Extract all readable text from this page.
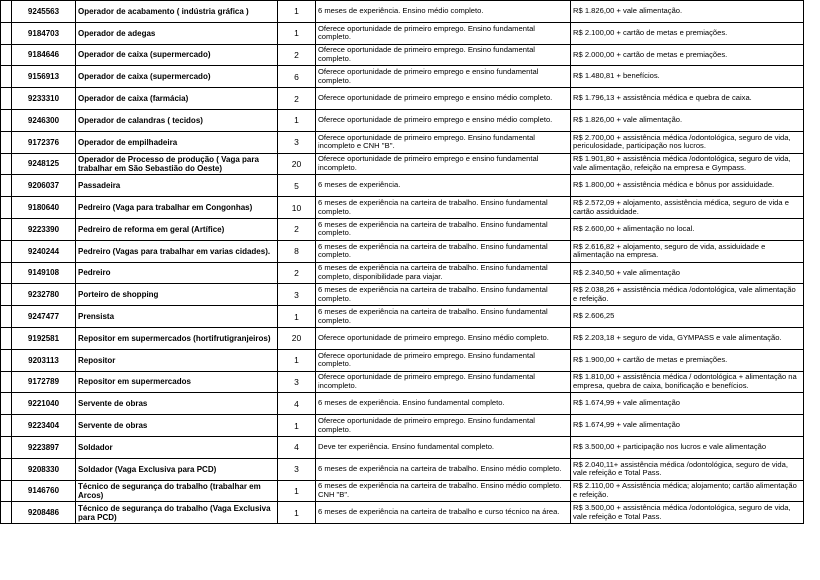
	9245563	Operador de acabamento ( indústria gráfica )	1	6 meses de experiência. Ensino médio completo.	R$ 1.826,00 + vale alimentação.
	9184703	Operador de adegas	1	Oferece oportunidade de primeiro emprego. Ensino fundamental completo.	R$ 2.100,00 + cartão de metas e premiações.
	9184646	Operador de caixa (supermercado)	2	Oferece oportunidade de primeiro emprego. Ensino fundamental completo.	R$ 2.000,00 + cartão de metas e premiações.
	9156913	Operador de caixa (supermercado)	6	Oferece oportunidade de primeiro emprego e ensino fundamental completo.	R$ 1.480,81 + benefícios.
	9233310	Operador de caixa (farmácia)	2	Oferece oportunidade de primeiro emprego e ensino médio completo.	R$ 1.796,13 + assistência médica e quebra de caixa.
	9246300	Operador de calandras ( tecidos)	1	Oferece oportunidade de primeiro emprego e ensino médio completo.	R$ 1.826,00 + vale alimentação.
	9172376	Operador de empilhadeira	3	Oferece oportunidade de primeiro emprego. Ensino fundamental incompleto e CNH ''B''.	R$ 2.700,00 + assistência médica /odontológica, seguro de vida, periculosidade, participação nos lucros.
	9248125	Operador de Processo de produção ( Vaga para trabalhar em São Sebastião do Oeste)	20	Oferece oportunidade de primeiro emprego e ensino fundamental incompleto.	R$ 1.901,80 + assistência médica /odontológica, seguro de vida, vale alimentação, refeição na empresa e Gympass.
	9206037	Passadeira	5	6 meses de experiência.	R$ 1.800,00 + assistência médica e bônus por assiduidade.
	9180640	Pedreiro (Vaga para trabalhar em Congonhas)	10	6 meses de experiência na carteira de trabalho. Ensino fundamental completo.	R$ 2.572,09 + alojamento, assistência médica, seguro de vida e cartão assiduidade.
	9223390	Pedreiro de reforma em geral (Artífice)	2	6 meses de experiência na carteira de trabalho. Ensino fundamental completo.	R$ 2.600,00 + alimentação no local.
	9240244	Pedreiro (Vagas para trabalhar em varias cidades).	8	6 meses de experiência na carteira de trabalho. Ensino fundamental completo.	R$ 2.616,82 + alojamento, seguro de vida, assiduidade e alimentação na empresa.
	9149108	Pedreiro	2	6 meses de experiência na carteira de trabalho. Ensino fundamental completo, disponibilidade para viajar.	R$ 2.340,50 + vale alimentação
	9232780	Porteiro de shopping	3	6 meses de experiência na carteira de trabalho. Ensino fundamental completo.	R$ 2.038,26 + assistência médica /odontológica, vale alimentação e refeição.
	9247477	Prensista	1	6 meses de experiência na carteira de trabalho. Ensino fundamental completo.	R$ 2.606,25
	9192581	Repositor em supermercados (hortifrutigranjeiros)	20	Oferece oportunidade de primeiro emprego. Ensino médio completo.	R$ 2.203,18 + seguro de vida, GYMPASS e vale alimentação.
	9203113	Repositor	1	Oferece oportunidade de primeiro emprego. Ensino fundamental completo.	R$ 1.900,00 + cartão de metas e premiações.
	9172789	Repositor em supermercados	3	Oferece oportunidade de primeiro emprego. Ensino fundamental incompleto.	R$ 1.810,00 + assistência médica / odontológica + alimentação na empresa, quebra de caixa, bonificação e benefícios.
	9221040	Servente de obras	4	6 meses de experiência. Ensino fundamental completo.	R$ 1.674,99 + vale alimentação
	9223404	Servente de obras	1	Oferece oportunidade de primeiro emprego. Ensino fundamental completo.	R$ 1.674,99 + vale alimentação
	9223897	Soldador	4	Deve ter experiência. Ensino fundamental completo.	R$ 3.500,00 + participação nos lucros e vale alimentação
	9208330	Soldador (Vaga Exclusiva para PCD)	3	6 meses de experiência na carteira de trabalho. Ensino médio completo.	R$ 2.040,11+ assistência médica /odontológica, seguro de vida, vale refeição e Total Pass.
	9146760	Técnico de segurança do trabalho (trabalhar em Arcos)	1	6 meses de experiência na carteira de trabalho. Ensino médio completo. CNH "B".	R$ 2.110,00 + Assistência médica; alojamento; cartão alimentação e refeição.
	9208486	Técnico de segurança do trabalho (Vaga Exclusiva para PCD)	1	6 meses de experiência na carteira de trabalho e curso técnico na área.	R$ 3.500,00 + assistência médica /odontológica, seguro de vida, vale refeição e Total Pass.
